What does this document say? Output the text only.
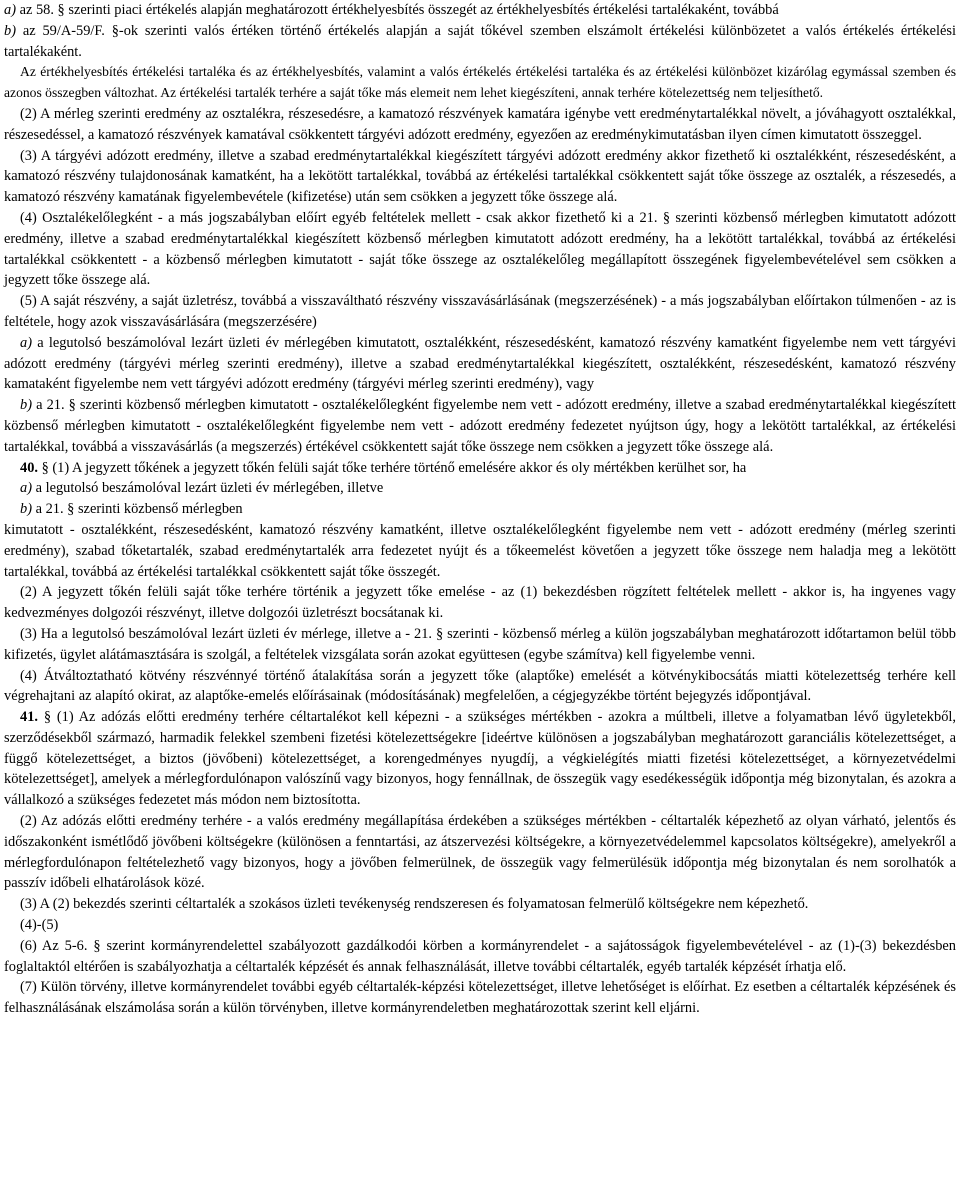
a) az 58. § szerinti piaci értékelés alapján meghatározott értékhelyesbítés összegét az értékhelyesbítés értékelési tartalékaként, továbbá

b) az 59/A-59/F. §-ok szerinti valós értéken történő értékelés alapján a saját tőkével szemben elszámolt értékelési különbözetet a valós értékelés értékelési tartalékaként.

Az értékhelyesbítés értékelési tartaléka és az értékhelyesbítés, valamint a valós értékelés értékelési tartaléka és az értékelési különbözet kizárólag egymással szemben és azonos összegben változhat. Az értékelési tartalék terhére a saját tőke más elemeit nem lehet kiegészíteni, annak terhére kötelezettség nem teljesíthető.

(2) A mérleg szerinti eredmény az osztalékra, részesedésre, a kamatozó részvények kamatára igénybe vett eredménytartalékkal növelt, a jóváhagyott osztalékkal, részesedéssel, a kamatozó részvények kamatával csökkentett tárgyévi adózott eredmény, egyezően az eredménykimutatásban ilyen címen kimutatott összeggel.

(3) A tárgyévi adózott eredmény, illetve a szabad eredménytartalékkal kiegészített tárgyévi adózott eredmény akkor fizethető ki osztalékként, részesedésként, a kamatozó részvény tulajdonosának kamatként, ha a lekötött tartalékkal, továbbá az értékelési tartalékkal csökkentett saját tőke összege az osztalék, a részesedés, a kamatozó részvény kamatának figyelembevétele (kifizetése) után sem csökken a jegyzett tőke összege alá.

(4) Osztalékelőlegként - a más jogszabályban előírt egyéb feltételek mellett - csak akkor fizethető ki a 21. § szerinti közbenső mérlegben kimutatott adózott eredmény, illetve a szabad eredménytartalékkal kiegészített közbenső mérlegben kimutatott adózott eredmény, ha a lekötött tartalékkal, továbbá az értékelési tartalékkal csökkentett - a közbenső mérlegben kimutatott - saját tőke összege az osztalékelőleg megállapított összegének figyelembevételével sem csökken a jegyzett tőke összege alá.

(5) A saját részvény, a saját üzletrész, továbbá a visszaváltható részvény visszavásárlásának (megszerzésének) - a más jogszabályban előírtakon túlmenően - az is feltétele, hogy azok visszavásárlására (megszerzésére)

a) a legutolsó beszámolóval lezárt üzleti év mérlegében kimutatott, osztalékként, részesedésként, kamatozó részvény kamatként figyelembe nem vett tárgyévi adózott eredmény (tárgyévi mérleg szerinti eredmény), illetve a szabad eredménytartalékkal kiegészített, osztalékként, részesedésként, kamatozó részvény kamataként figyelembe nem vett tárgyévi adózott eredmény (tárgyévi mérleg szerinti eredmény), vagy

b) a 21. § szerinti közbenső mérlegben kimutatott - osztalékelőlegként figyelembe nem vett - adózott eredmény, illetve a szabad eredménytartalékkal kiegészített közbenső mérlegben kimutatott - osztalékelőlegként figyelembe nem vett - adózott eredmény fedezetet nyújtson úgy, hogy a lekötött tartalékkal, az értékelési tartalékkal, továbbá a visszavásárlás (a megszerzés) értékével csökkentett saját tőke összege nem csökken a jegyzett tőke összege alá.

40. § (1) A jegyzett tőkének a jegyzett tőkén felüli saját tőke terhére történő emelésére akkor és oly mértékben kerülhet sor, ha

a) a legutolsó beszámolóval lezárt üzleti év mérlegében, illetve

b) a 21. § szerinti közbenső mérlegben

kimutatott - osztalékként, részesedésként, kamatozó részvény kamatként, illetve osztalékelőlegként figyelembe nem vett - adózott eredmény (mérleg szerinti eredmény), szabad tőketartalék, szabad eredménytartalék arra fedezetet nyújt és a tőkeemelést követően a jegyzett tőke összege nem haladja meg a lekötött tartalékkal, továbbá az értékelési tartalékkal csökkentett saját tőke összegét.

(2) A jegyzett tőkén felüli saját tőke terhére történik a jegyzett tőke emelése - az (1) bekezdésben rögzített feltételek mellett - akkor is, ha ingyenes vagy kedvezményes dolgozói részvényt, illetve dolgozói üzletrészt bocsátanak ki.

(3) Ha a legutolsó beszámolóval lezárt üzleti év mérlege, illetve a - 21. § szerinti - közbenső mérleg a külön jogszabályban meghatározott időtartamon belül több kifizetés, ügylet alátámasztására is szolgál, a feltételek vizsgálata során azokat együttesen (egybe számítva) kell figyelembe venni.

(4) Átváltoztatható kötvény részvénnyé történő átalakítása során a jegyzett tőke (alaptőke) emelését a kötvénykibocsátás miatti kötelezettség terhére kell végrehajtani az alapító okirat, az alaptőke-emelés előírásainak (módosításának) megfelelően, a cégjegyzékbe történt bejegyzés időpontjával.

41. § (1) Az adózás előtti eredmény terhére céltartalékot kell képezni - a szükséges mértékben - azokra a múltbeli, illetve a folyamatban lévő ügyletekből, szerződésekből származó, harmadik felekkel szembeni fizetési kötelezettségekre [ideértve különösen a jogszabályban meghatározott garanciális kötelezettséget, a függő kötelezettséget, a biztos (jövőbeni) kötelezettséget, a korengedményes nyugdíj, a végkielégítés miatti fizetési kötelezettséget, a környezetvédelmi kötelezettséget], amelyek a mérlegfordulónapon valószínű vagy bizonyos, hogy fennállnak, de összegük vagy esedékességük időpontja még bizonytalan, és azokra a vállalkozó a szükséges fedezetet más módon nem biztosította.

(2) Az adózás előtti eredmény terhére - a valós eredmény megállapítása érdekében a szükséges mértékben - céltartalék képezhető az olyan várható, jelentős és időszakonként ismétlődő jövőbeni költségekre (különösen a fenntartási, az átszervezési költségekre, a környezetvédelemmel kapcsolatos költségekre), amelyekről a mérlegfordulónapon feltételezhető vagy bizonyos, hogy a jövőben felmerülnek, de összegük vagy felmerülésük időpontja még bizonytalan és nem sorolhatók a passzív időbeli elhatárolások közé.

(3) A (2) bekezdés szerinti céltartalék a szokásos üzleti tevékenység rendszeresen és folyamatosan felmerülő költségekre nem képezhető.

(4)-(5)

(6) Az 5-6. § szerint kormányrendelettel szabályozott gazdálkodói körben a kormányrendelet - a sajátosságok figyelembevételével - az (1)-(3) bekezdésben foglaltaktól eltérően is szabályozhatja a céltartalék képzését és annak felhasználását, illetve további céltartalék, egyéb tartalék képzését írhatja elő.

(7) Külön törvény, illetve kormányrendelet további egyéb céltartalék-képzési kötelezettséget, illetve lehetőséget is előírhat. Ez esetben a céltartalék képzésének és felhasználásának elszámolása során a külön törvényben, illetve kormányrendeletben meghatározottak szerint kell eljárni.
